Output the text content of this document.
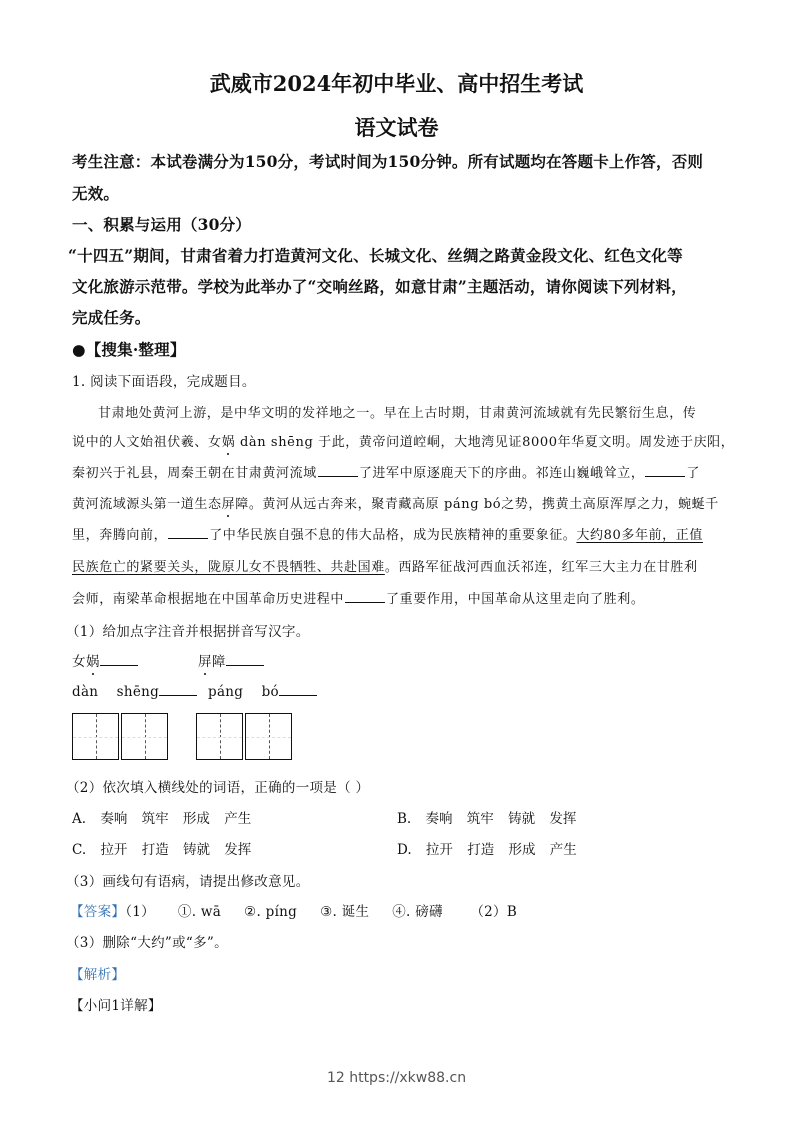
武威市2024年初中毕业、高中招生考试
语文试卷
考生注意：本试卷满分为150分，考试时间为150分钟。所有试题均在答题卡上作答，否则
无效。
一、积累与运用（30分）
“十四五”期间，甘肃省着力打造黄河文化、长城文化、丝绸之路黄金段文化、红色文化等
文化旅游示范带。学校为此举办了“交响丝路，如意甘肃”主题活动，请你阅读下列材料，
完成任务。
●【搜集·整理】
1. 阅读下面语段，完成题目。
甘肃地处黄河上游，是中华文明的发祥地之一。早在上古时期，甘肃黄河流域就有先民繁衍生息，传
说中的人文始祖伏羲、女娲 dàn shēng 于此，黄帝问道崆峒，大地湾见证8000年华夏文明。周发迹于庆阳，
秦初兴于礼县，周秦王朝在甘肃黄河流域	了进军中原逐鹿天下的序曲。祁连山巍峨耸立，	了
黄河流域源头第一道生态屏障。黄河从远古奔来，聚青藏高原 páng bó之势，携黄土高原浑厚之力，蜿蜒千
里，奔腾向前，	了中华民族自强不息的伟大品格，成为民族精神的重要象征。大约80多年前，正值
民族危亡的紧要关头，陇原儿女不畏牺牲、共赴国难。西路军征战河西血沃祁连，红军三大主力在甘胜利
会师，南梁革命根据地在中国革命历史进程中	了重要作用，中国革命从这里走向了胜利。
（1）给加点字注音并根据拼音写汉字。
女娲	屏障
dàn    shēng	páng    bó
（2）依次填入横线处的词语，正确的一项是（ ）
A. 奏响 筑牢 形成 产生	B. 奏响 筑牢 铸就 发挥
C. 拉开 打造 铸就 发挥	D. 拉开 打造 形成 产生
（3）画线句有语病，请提出修改意见。
【答案】（1）     ①. wā     ②. píng     ③. 诞生     ④. 磅礴      （2）B
（3）删除“大约”或“多”。
【解析】
【小问1详解】
12 https://xkw88.cn
